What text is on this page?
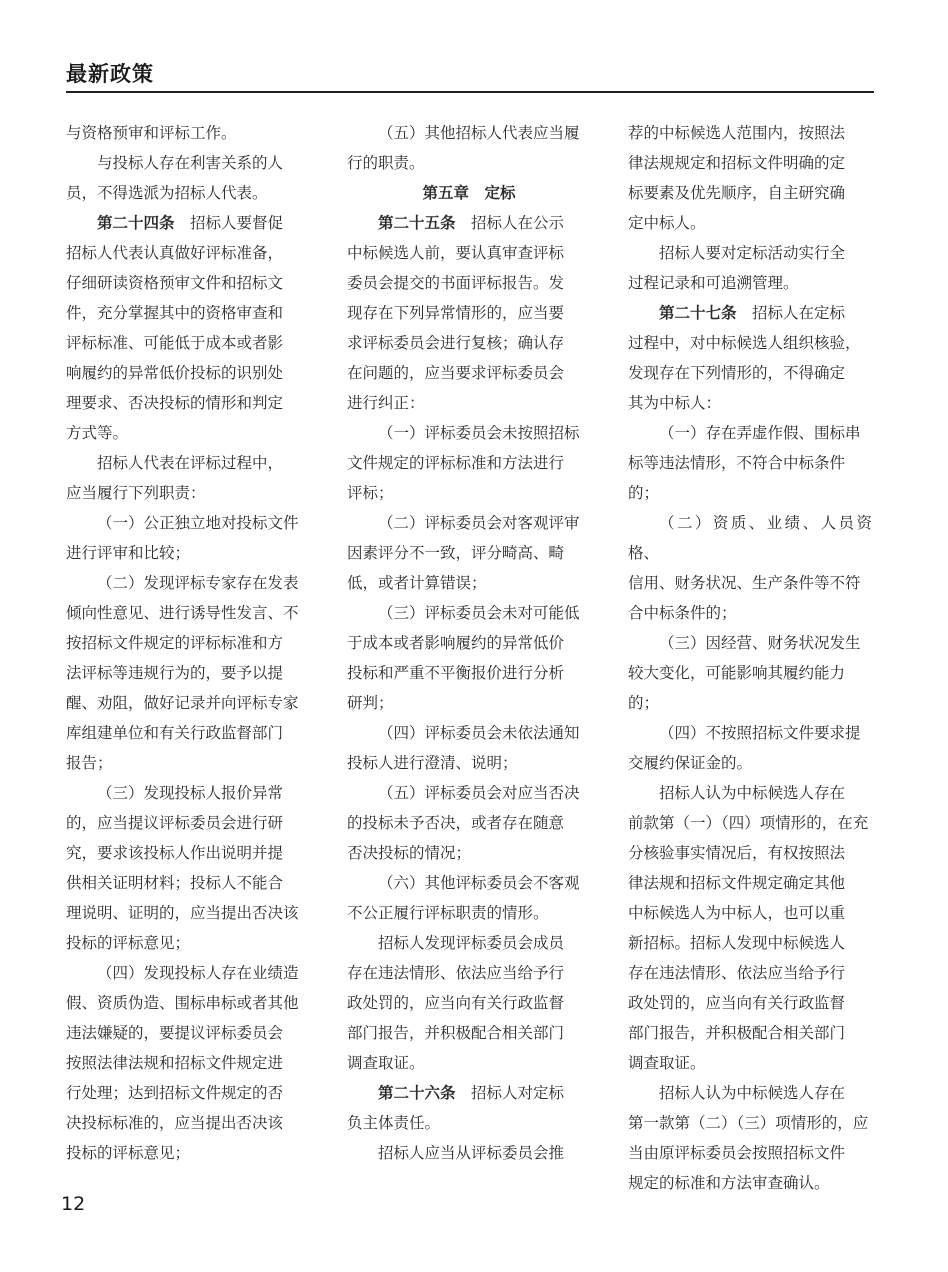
最新政策

与资格预审和评标工作。

与投标人存在利害关系的人
员，不得选派为招标人代表。

第二十四条　 招标人要督促
招标人代表认真做好评标准备，
仔细研读资格预审文件和招标文
件，充分掌握其中的资格审查和
评标标准、可能低于成本或者影
响履约的异常低价投标的识别处
理要求、否决投标的情形和判定
方式等。

招标人代表在评标过程中，
应当履行下列职责：

（一）公正独立地对投标文件
进行评审和比较；

（二）发现评标专家存在发表
倾向性意见、进行诱导性发言、不
按招标文件规定的评标标准和方
法评标等违规行为的，要予以提
醒、劝阻，做好记录并向评标专家
库组建单位和有关行政监督部门
报告；

（三）发现投标人报价异常
的，应当提议评标委员会进行研
究，要求该投标人作出说明并提
供相关证明材料；投标人不能合
理说明、证明的，应当提出否决该
投标的评标意见；

（四）发现投标人存在业绩造
假、资质伪造、围标串标或者其他
违法嫌疑的，要提议评标委员会
按照法律法规和招标文件规定进
行处理；达到招标文件规定的否
决投标标准的，应当提出否决该
投标的评标意见；

（五）其他招标人代表应当履
行的职责。

第五章　定标

第二十五条　 招标人在公示
中标候选人前，要认真审查评标
委员会提交的书面评标报告。发
现存在下列异常情形的，应当要
求评标委员会进行复核；确认存
在问题的，应当要求评标委员会
进行纠正：

（一）评标委员会未按照招标
文件规定的评标标准和方法进行
评标；

（二）评标委员会对客观评审
因素评分不一致，评分畸高、畸
低，或者计算错误；

（三）评标委员会未对可能低
于成本或者影响履约的异常低价
投标和严重不平衡报价进行分析
研判；

（四）评标委员会未依法通知
投标人进行澄清、说明；

（五）评标委员会对应当否决
的投标未予否决，或者存在随意
否决投标的情况；

（六）其他评标委员会不客观
不公正履行评标职责的情形。

招标人发现评标委员会成员
存在违法情形、依法应当给予行
政处罚的，应当向有关行政监督
部门报告，并积极配合相关部门
调查取证。

第二十六条　 招标人对定标
负主体责任。

招标人应当从评标委员会推

荐的中标候选人范围内，按照法
律法规规定和招标文件明确的定
标要素及优先顺序，自主研究确
定中标人。

招标人要对定标活动实行全
过程记录和可追溯管理。

第二十七条　 招标人在定标
过程中，对中标候选人组织核验，
发现存在下列情形的，不得确定
其为中标人：

（一）存在弄虚作假、围标串
标等违法情形，不符合中标条件
的；

（二）资质、业绩、人员资格、
信用、财务状况、生产条件等不符
合中标条件的；

（三）因经营、财务状况发生
较大变化，可能影响其履约能力
的；

（四）不按照招标文件要求提
交履约保证金的。

招标人认为中标候选人存在
前款第（一）（四）项情形的，在充
分核验事实情况后，有权按照法
律法规和招标文件规定确定其他
中标候选人为中标人，也可以重
新招标。招标人发现中标候选人
存在违法情形、依法应当给予行
政处罚的，应当向有关行政监督
部门报告，并积极配合相关部门
调查取证。

招标人认为中标候选人存在
第一款第（二）（三）项情形的，应
当由原评标委员会按照招标文件
规定的标准和方法审查确认。

12
